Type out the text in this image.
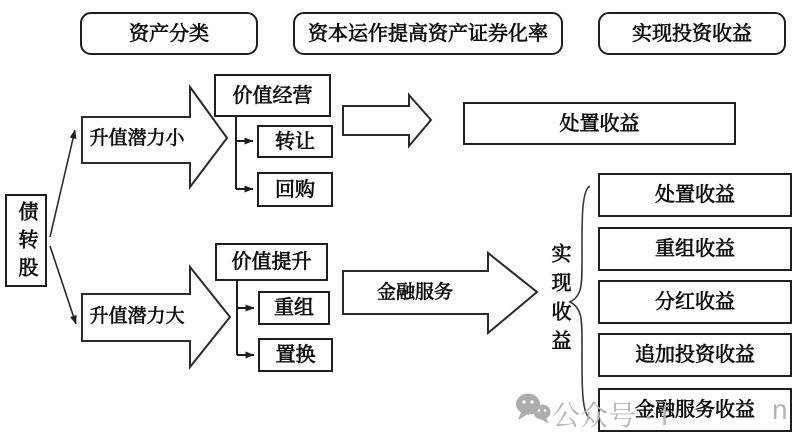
资产分类	资本运作提高资产证券化率	实现投资收益
债转股
升值潜力小
升值潜力大
金融服务
价值经营
转让
回购
处置收益
价值提升
重组
置换	实现收益
处置收益
重组收益
分红收益
追加投资收益
金融服务收益
公众号 · f	n
